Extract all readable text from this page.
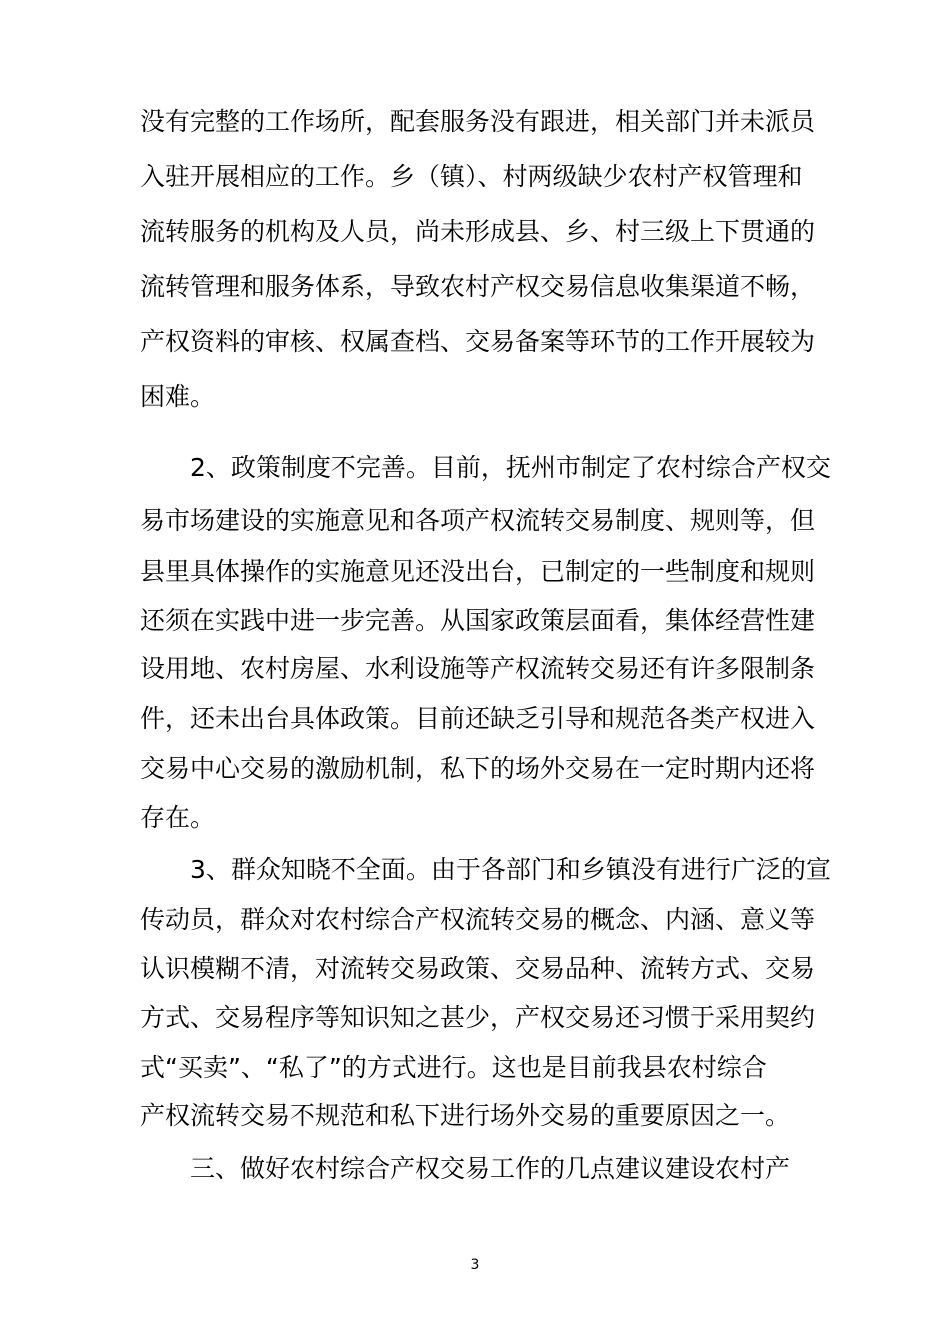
没有完整的工作场所，配套服务没有跟进，相关部门并未派员
入驻开展相应的工作。乡（镇）、村两级缺少农村产权管理和
流转服务的机构及人员，尚未形成县、乡、村三级上下贯通的
流转管理和服务体系，导致农村产权交易信息收集渠道不畅，
产权资料的审核、权属查档、交易备案等环节的工作开展较为
困难。
2、政策制度不完善。目前，抚州市制定了农村综合产权交
易市场建设的实施意见和各项产权流转交易制度、规则等，但
县里具体操作的实施意见还没出台，已制定的一些制度和规则
还须在实践中进一步完善。从国家政策层面看，集体经营性建
设用地、农村房屋、水利设施等产权流转交易还有许多限制条
件，还未出台具体政策。目前还缺乏引导和规范各类产权进入
交易中心交易的激励机制，私下的场外交易在一定时期内还将
存在。
3、群众知晓不全面。由于各部门和乡镇没有进行广泛的宣
传动员，群众对农村综合产权流转交易的概念、内涵、意义等
认识模糊不清，对流转交易政策、交易品种、流转方式、交易
方式、交易程序等知识知之甚少，产权交易还习惯于采用契约
式“买卖”、“私了”的方式进行。这也是目前我县农村综合
产权流转交易不规范和私下进行场外交易的重要原因之一。
三、做好农村综合产权交易工作的几点建议建设农村产
3
